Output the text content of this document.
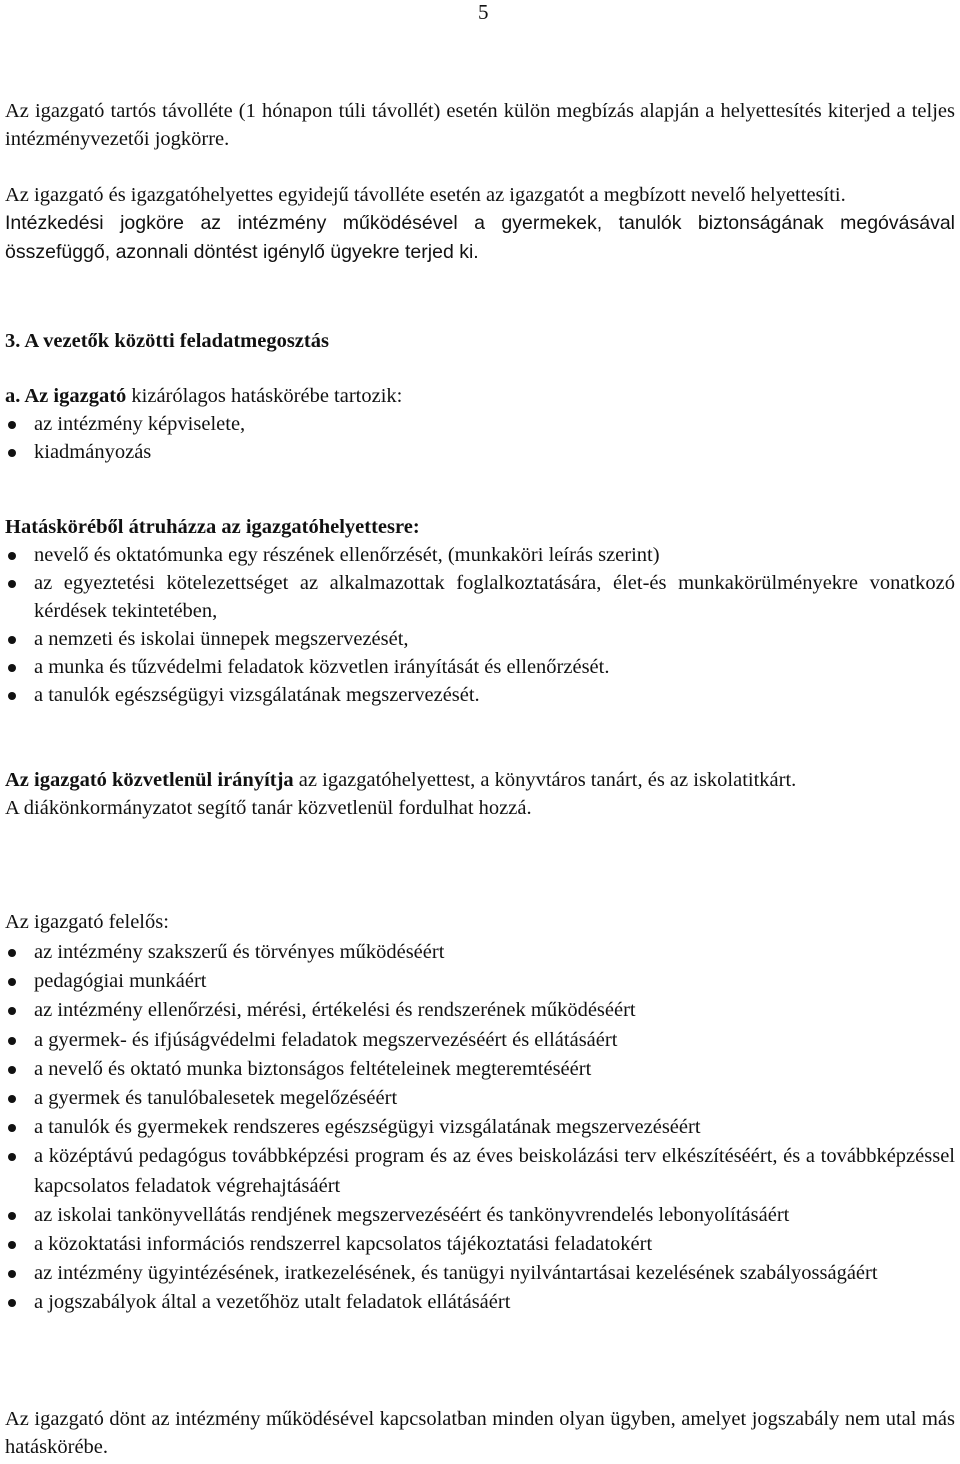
5

Az igazgató tartós távolléte (1 hónapon túli távollét) esetén külön megbízás alapján a helyettesítés kiterjed a teljes intézményvezetői jogkörre.

Az igazgató és igazgatóhelyettes egyidejű távolléte esetén az igazgatót a megbízott nevelő helyettesíti.

Intézkedési jogköre az intézmény működésével a gyermekek, tanulók biztonságának megóvásával összefüggő, azonnali döntést igénylő ügyekre terjed ki.

3. A vezetők közötti feladatmegosztás

a. Az igazgató kizárólagos hatáskörébe tartozik:

az intézmény képviselete,
kiadmányozás

Hatásköréből átruházza az igazgatóhelyettesre:

nevelő és oktatómunka egy részének ellenőrzését, (munkaköri leírás szerint)
az egyeztetési kötelezettséget az alkalmazottak foglalkoztatására, élet-és munkakörülményekre vonatkozó kérdések tekintetében,
a nemzeti és iskolai ünnepek megszervezését,
a munka és tűzvédelmi feladatok közvetlen irányítását és ellenőrzését.
a tanulók egészségügyi vizsgálatának megszervezését.

Az igazgató közvetlenül irányítja az igazgatóhelyettest, a könyvtáros tanárt, és az iskolatitkárt.

A diákönkormányzatot segítő tanár közvetlenül fordulhat hozzá.

Az igazgató felelős:

az intézmény szakszerű és törvényes működéséért
pedagógiai munkáért
az intézmény ellenőrzési, mérési, értékelési és rendszerének működéséért
a gyermek- és ifjúságvédelmi feladatok megszervezéséért és ellátásáért
a nevelő és oktató munka biztonságos feltételeinek megteremtéséért
a gyermek és tanulóbalesetek megelőzéséért
a tanulók és gyermekek rendszeres egészségügyi vizsgálatának megszervezéséért
a középtávú pedagógus továbbképzési program és az éves beiskolázási terv elkészítéséért, és a továbbképzéssel kapcsolatos feladatok végrehajtásáért
az iskolai tankönyvellátás rendjének megszervezéséért és tankönyvrendelés lebonyolításáért
a közoktatási információs rendszerrel kapcsolatos tájékoztatási feladatokért
az intézmény ügyintézésének, iratkezelésének, és tanügyi nyilvántartásai kezelésének szabályosságáért
a jogszabályok által a vezetőhöz utalt feladatok ellátásáért

Az igazgató dönt az intézmény működésével kapcsolatban minden olyan ügyben, amelyet jogszabály nem utal más hatáskörébe.
